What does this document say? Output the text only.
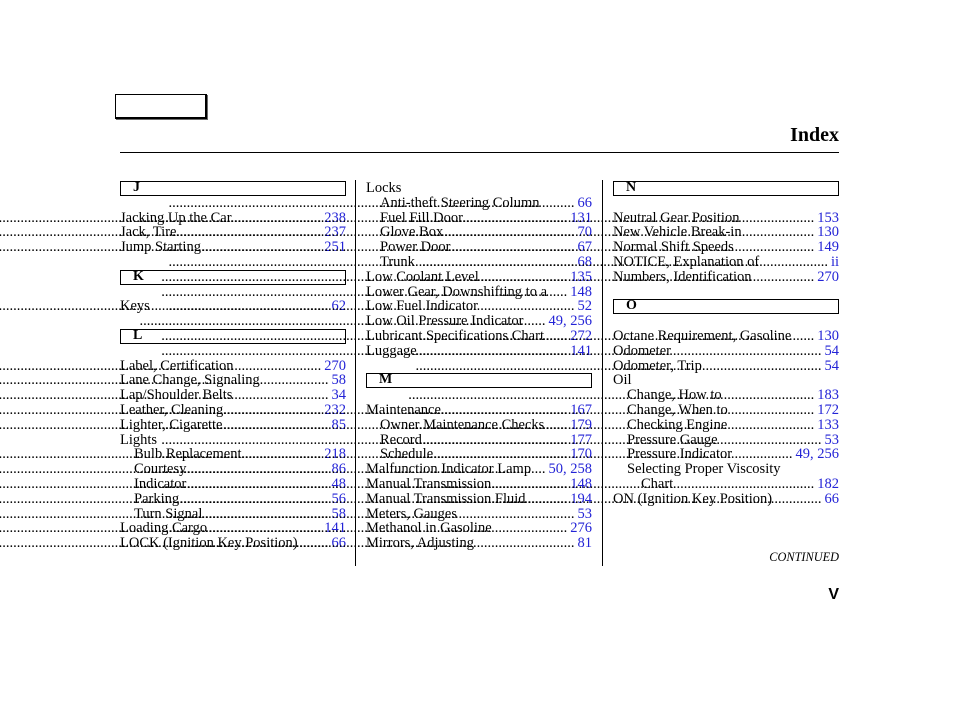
Index
J
Jacking Up the Car .....	238
Jack, Tire .....	237
Jump Starting .....	251
K
Keys .....	62
L
Label, Certification .....	270
Lane Change, Signaling .....	58
Lap/Shoulder Belts .....	34
Leather, Cleaning .....	232
Lighter, Cigarette .....	85
Lights
Bulb Replacement .....	218
Courtesy .....	86
Indicator .....	48
Parking .....	56
Turn Signal .....	58
Loading Cargo .....	141
LOCK (Ignition Key Position) ..... 66
Locks
Anti-theft Steering Column .....	66
Fuel Fill Door .....	131
Glove Box .....	70
Power Door .....	67
Trunk .....	68
Low Coolant Level .....	135
Lower Gear, Downshifting to a ..... 148
Low Fuel Indicator .....	52
Low Oil Pressure Indicator ..... 49, 256
Lubricant Specifications Chart ..... 272
Luggage .....	141
M
Maintenance .....	167
Owner Maintenance Checks ..... 179
Record .....	177
Schedule .....	170
Malfunction Indicator Lamp ..... 50, 258
Manual Transmission .....	148
Manual Transmission Fluid .....	194
Meters, Gauges .....	53
Methanol in Gasoline .....	276
Mirrors, Adjusting .....	81
N
Neutral Gear Position .....	153
New Vehicle Break-in .....	130
Normal Shift Speeds .....	149
NOTICE, Explanation of .....	ii
Numbers, Identification .....	270
O
Octane Requirement, Gasoline ..... 130
Odometer .....	54
Odometer, Trip .....	54
Oil
Change, How to .....	183
Change, When to .....	172
Checking Engine .....	133
Pressure Gauge .....	53
Pressure Indicator .....	49, 256
Selecting Proper Viscosity
Chart .....	182
ON (Ignition Key Position) .....	66
CONTINUED
V
